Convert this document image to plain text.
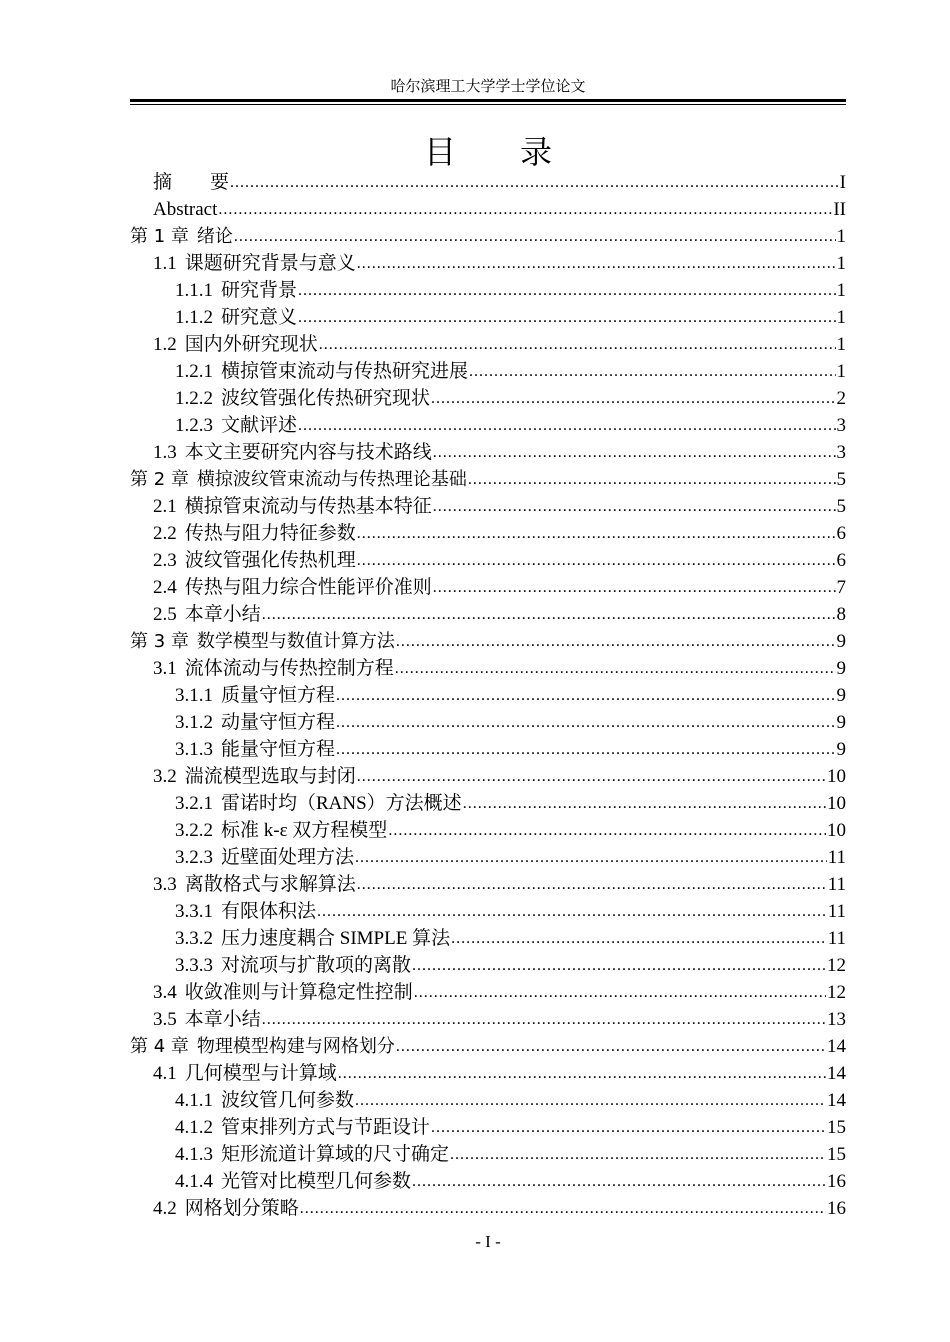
哈尔滨理工大学学士学位论文
目　　录
摘　　要 .....	I
Abstract .....	II
第 1 章 绪论 .....	1
1.1 课题研究背景与意义 .....	1
1.1.1 研究背景 .....	1
1.1.2 研究意义 .....	1
1.2 国内外研究现状 .....	1
1.2.1 横掠管束流动与传热研究进展 .....	1
1.2.2 波纹管强化传热研究现状 .....	2
1.2.3 文献评述 .....	3
1.3 本文主要研究内容与技术路线 .....	3
第 2 章 横掠波纹管束流动与传热理论基础 .....	5
2.1 横掠管束流动与传热基本特征 .....	5
2.2 传热与阻力特征参数 .....	6
2.3 波纹管强化传热机理 .....	6
2.4 传热与阻力综合性能评价准则 .....	7
2.5 本章小结 .....	8
第 3 章 数学模型与数值计算方法 .....	9
3.1 流体流动与传热控制方程 .....	9
3.1.1 质量守恒方程 .....	9
3.1.2 动量守恒方程 .....	9
3.1.3 能量守恒方程 .....	9
3.2 湍流模型选取与封闭 .....	10
3.2.1 雷诺时均（RANS）方法概述 .....	10
3.2.2 标准 k-ε 双方程模型 .....	10
3.2.3 近壁面处理方法 .....	11
3.3 离散格式与求解算法 .....	11
3.3.1 有限体积法 .....	11
3.3.2 压力速度耦合 SIMPLE 算法 .....	11
3.3.3 对流项与扩散项的离散 .....	12
3.4 收敛准则与计算稳定性控制 .....	12
3.5 本章小结 .....	13
第 4 章 物理模型构建与网格划分 .....	14
4.1 几何模型与计算域 .....	14
4.1.1 波纹管几何参数 .....	14
4.1.2 管束排列方式与节距设计 .....	15
4.1.3 矩形流道计算域的尺寸确定 .....	15
4.1.4 光管对比模型几何参数 .....	16
4.2 网格划分策略 .....	16
- I -
